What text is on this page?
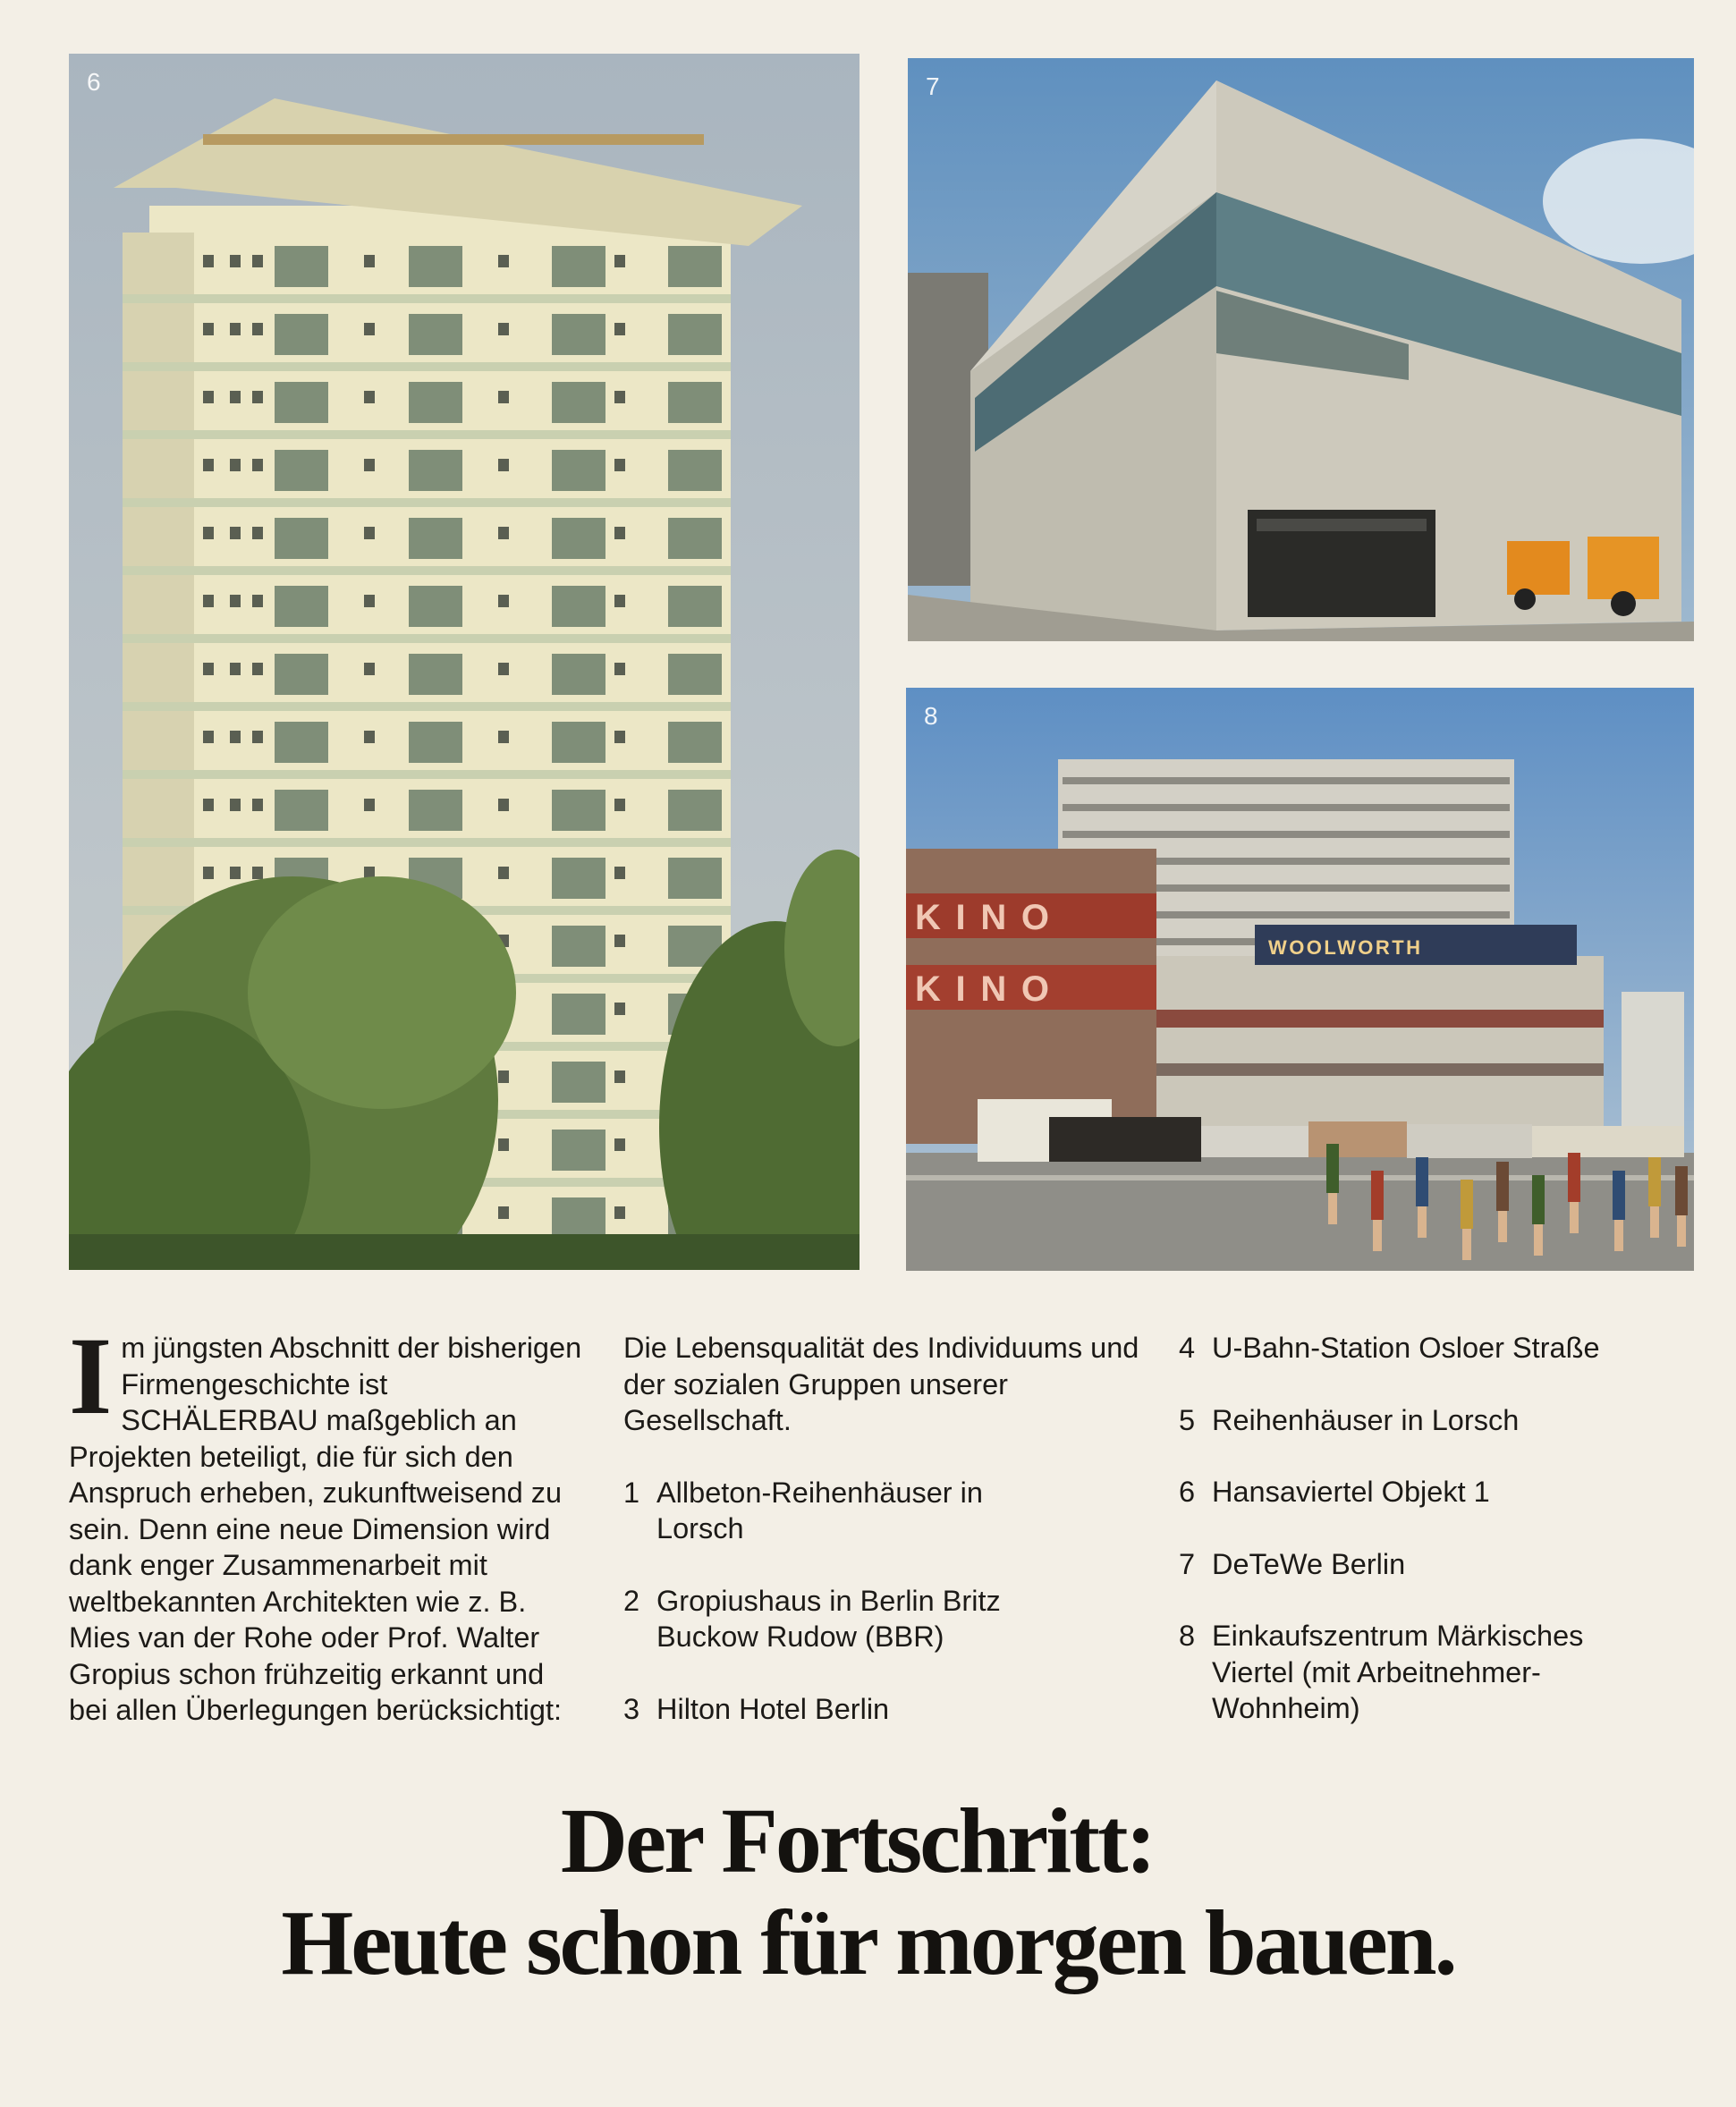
6	7
KINO
KINO
WOOLWORTH
8
I m jüngsten Abschnitt der bisherigen Firmengeschichte ist SCHÄLERBAU maßgeblich an Projekten beteiligt, die für sich den Anspruch erheben, zukunftweisend zu sein. Denn eine neue Dimension wird dank enger Zusammenarbeit mit weltbekannten Architekten wie z. B. Mies van der Rohe oder Prof. Walter Gropius schon frühzeitig erkannt und bei allen Überlegungen berücksichtigt:
Die Lebensqualität des Individuums und der sozialen Gruppen unserer Gesellschaft.
1 Allbeton-Reihenhäuser in Lorsch
2 Gropiushaus in Berlin Britz Buckow Rudow (BBR)
3 Hilton Hotel Berlin
4 U-Bahn-Station Osloer Straße
5 Reihenhäuser in Lorsch
6 Hansaviertel Objekt 1
7 DeTeWe Berlin
8 Einkaufszentrum Märkisches Viertel (mit Arbeitnehmer-Wohnheim)
Der Fortschritt:
Heute schon für morgen bauen.
